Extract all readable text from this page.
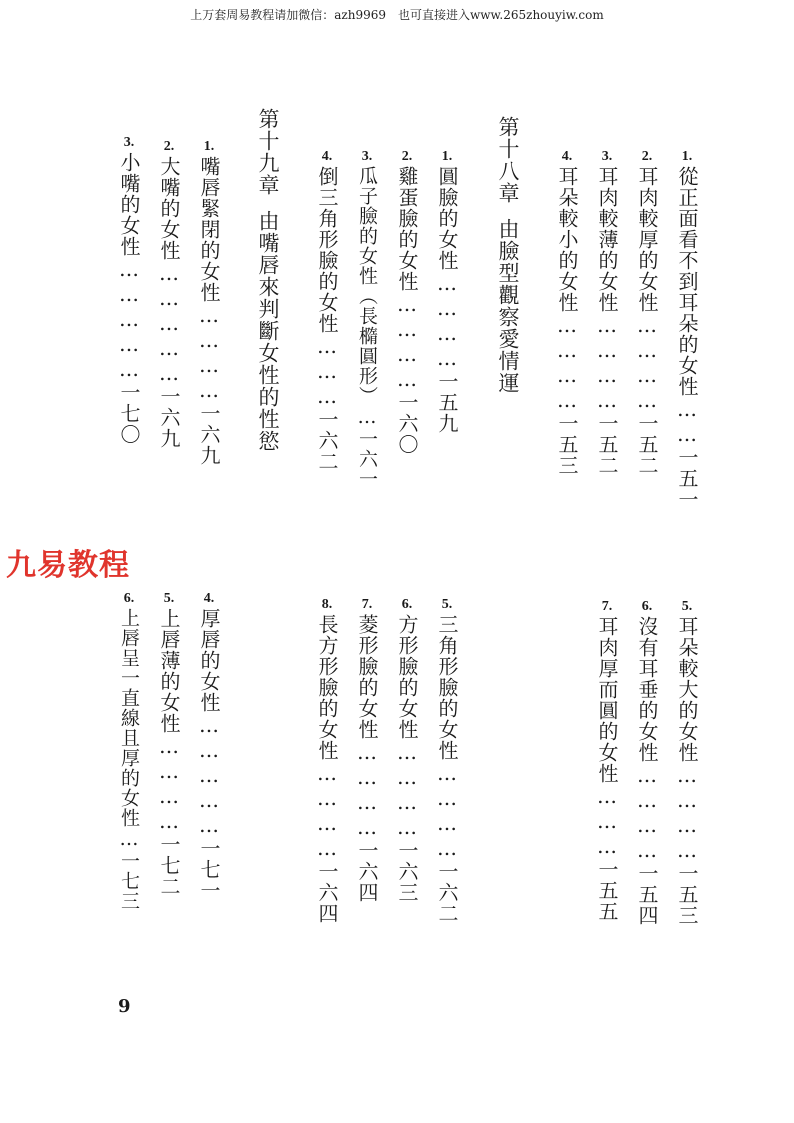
上万套周易教程请加微信：azh9969　也可直接进入www.265zhouyiw.com
1.
從正面看不到耳朵的女性……一五一
2.
耳肉較厚的女性…………一五二
3.
耳肉較薄的女性…………一五二
4.
耳朵較小的女性…………一五三
第十八章由臉型觀察愛情運
1.
圓臉的女性…………一五九
2.
雞蛋臉的女性…………一六〇
3.
瓜子臉的女性（長橢圓形）…一六一
4.
倒三角形臉的女性………一六二
第十九章由嘴唇來判斷女性的性慾
1.
嘴唇緊閉的女性…………一六九
2.
大嘴的女性……………一六九
3.
小嘴的女性……………一七〇
九易教程
5.
耳朵較大的女性…………一五三
6.
沒有耳垂的女性…………一五四
7.
耳肉厚而圓的女性………一五五
5.
三角形臉的女性…………一六二
6.
方形臉的女性…………一六三
7.
菱形臉的女性…………一六四
8.
長方形臉的女性…………一六四
4.
厚唇的女性……………一七一
5.
上唇薄的女性…………一七二
6.
上唇呈一直線且厚的女性…一七三
9
